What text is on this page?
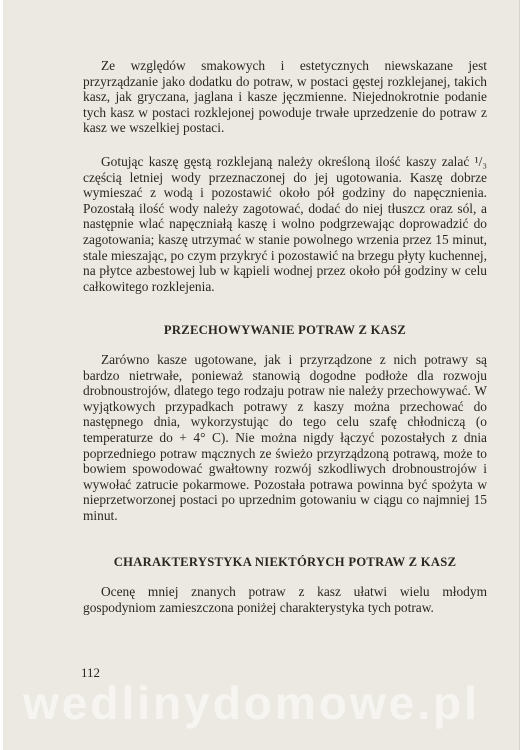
Ze względów smakowych i estetycznych niewskazane jest przyrządzanie jako dodatku do potraw, w postaci gęstej rozklejanej, takich kasz, jak gryczana, jaglana i kasze jęczmienne. Niejednokrotnie podanie tych kasz w postaci rozklejonej powoduje trwałe uprzedzenie do potraw z kasz we wszelkiej postaci.

Gotując kaszę gęstą rozklejaną należy określoną ilość kaszy zalać ¹/₃ częścią letniej wody przeznaczonej do jej ugotowania. Kaszę dobrze wymieszać z wodą i pozostawić około pół godziny do napęcznienia. Pozostałą ilość wody należy zagotować, dodać do niej tłuszcz oraz sól, a następnie wlać napęczniałą kaszę i wolno podgrzewając doprowadzić do zagotowania; kaszę utrzymać w stanie powolnego wrzenia przez 15 minut, stale mieszając, po czym przykryć i pozostawić na brzegu płyty kuchennej, na płytce azbestowej lub w kąpieli wodnej przez około pół godziny w celu całkowitego rozklejenia.

PRZECHOWYWANIE POTRAW Z KASZ

Zarówno kasze ugotowane, jak i przyrządzone z nich potrawy są bardzo nietrwałe, ponieważ stanowią dogodne podłoże dla rozwoju drobnoustrojów, dlatego tego rodzaju potraw nie należy przechowywać. W wyjątkowych przypadkach potrawy z kaszy można przechować do następnego dnia, wykorzystując do tego celu szafę chłodniczą (o temperaturze do + 4° C). Nie można nigdy łączyć pozostałych z dnia poprzedniego potraw mącznych ze świeżo przyrządzoną potrawą, może to bowiem spowodować gwałtowny rozwój szkodliwych drobnoustrojów i wywołać zatrucie pokarmowe. Pozostała potrawa powinna być spożyta w nieprzetworzonej postaci po uprzednim gotowaniu w ciągu co najmniej 15 minut.

CHARAKTERYSTYKA NIEKTÓRYCH POTRAW Z KASZ

Ocenę mniej znanych potraw z kasz ułatwi wielu młodym gospodyniom zamieszczona poniżej charakterystyka tych potraw.

112
wedlinydomowe.pl
